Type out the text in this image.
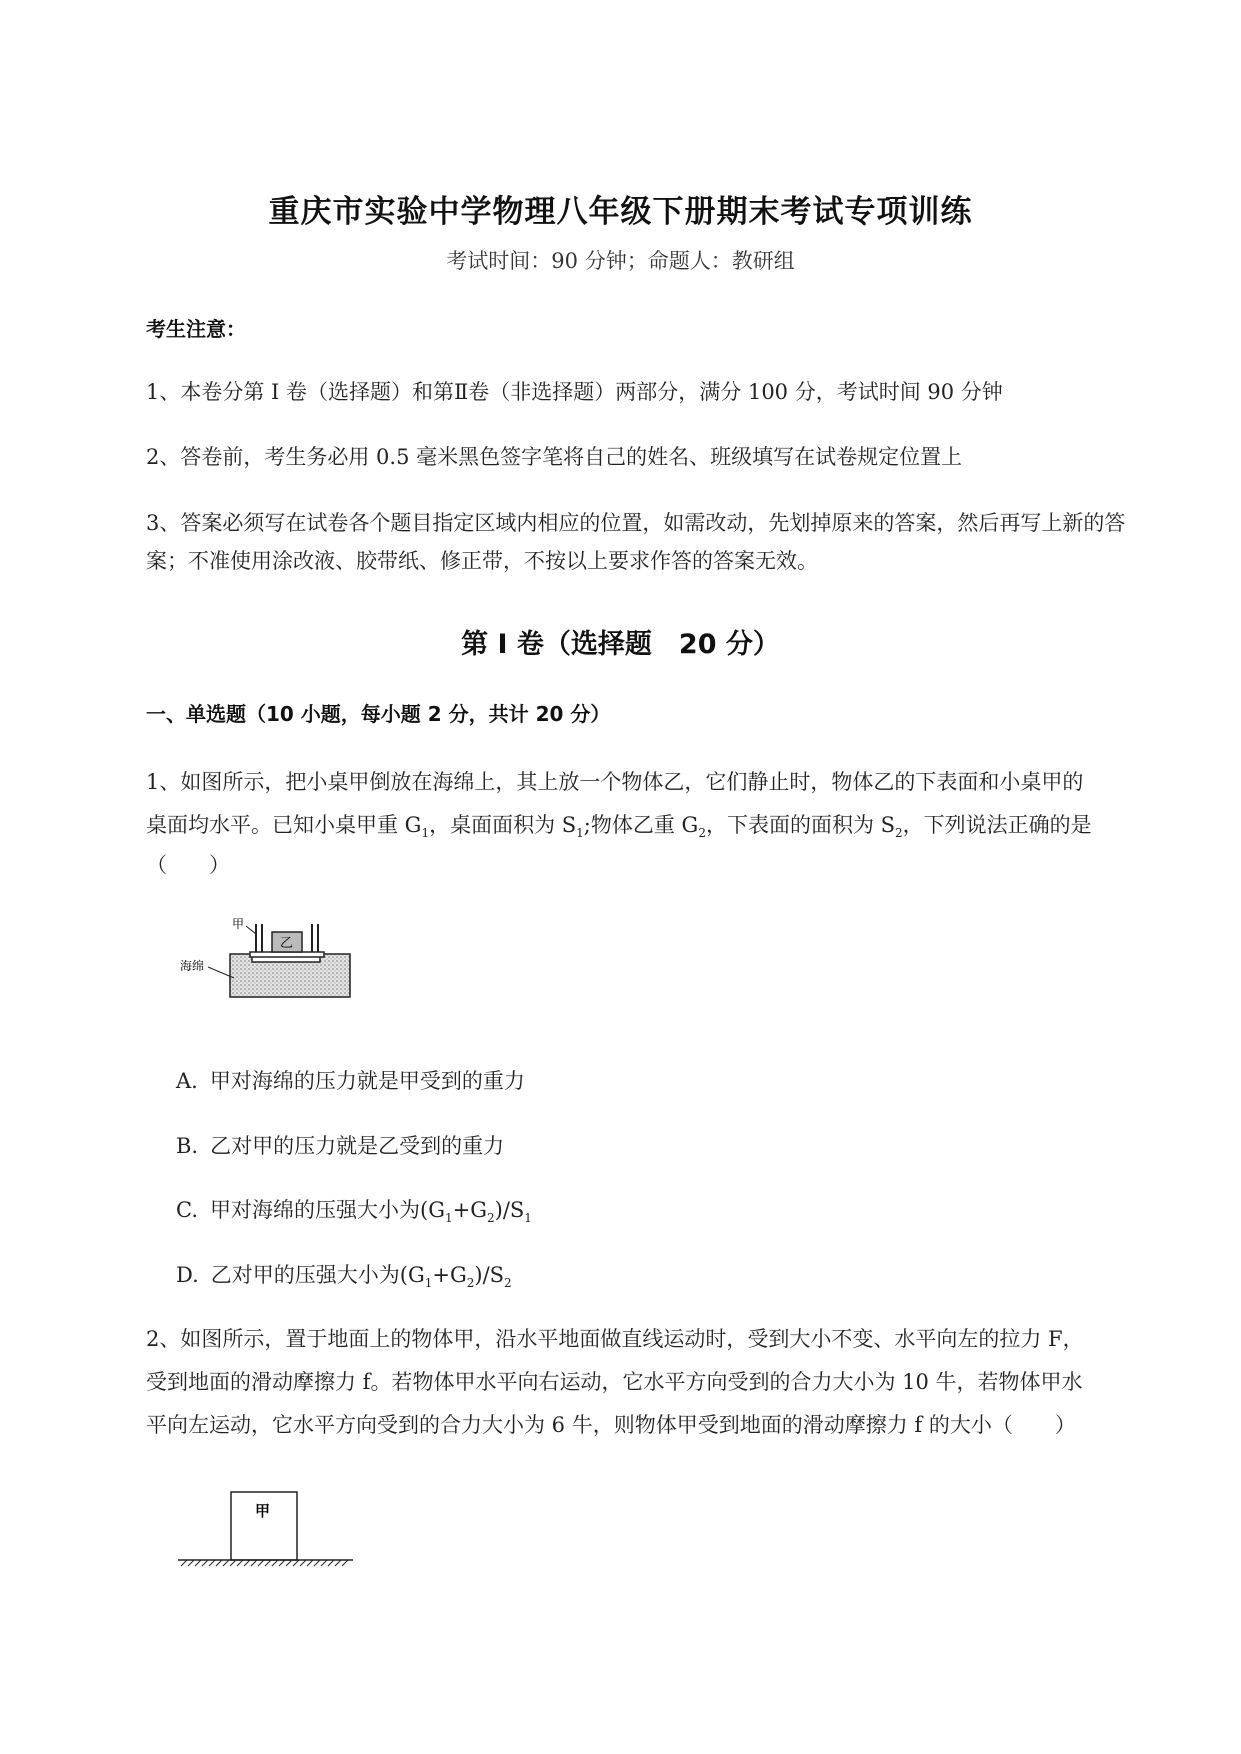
重庆市实验中学物理八年级下册期末考试专项训练
考试时间：90 分钟；命题人：教研组
考生注意：
1、本卷分第 I 卷（选择题）和第Ⅱ卷（非选择题）两部分，满分 100 分，考试时间 90 分钟
2、答卷前，考生务必用 0.5 毫米黑色签字笔将自己的姓名、班级填写在试卷规定位置上
3、答案必须写在试卷各个题目指定区域内相应的位置，如需改动，先划掉原来的答案，然后再写上新的答案；不准使用涂改液、胶带纸、修正带，不按以上要求作答的答案无效。
第 I 卷（选择题　20 分）
一、单选题（10 小题，每小题 2 分，共计 20 分）
1、如图所示，把小桌甲倒放在海绵上，其上放一个物体乙，它们静止时，物体乙的下表面和小桌甲的
桌面均水平。已知小桌甲重 $G_1$，桌面面积为 $S_1$;物体乙重 $G_2$，下表面的面积为 $S_2$，下列说法正确的是
（　　）
乙
甲
海绵
A. 甲对海绵的压力就是甲受到的重力
B. 乙对甲的压力就是乙受到的重力
C. 甲对海绵的压强大小为$(G_1+G_2)/S_1$
D. 乙对甲的压强大小为$(G_1+G_2)/S_2$
2、如图所示，置于地面上的物体甲，沿水平地面做直线运动时，受到大小不变、水平向左的拉力 F，
受到地面的滑动摩擦力 f。若物体甲水平向右运动，它水平方向受到的合力大小为 10 牛，若物体甲水
平向左运动，它水平方向受到的合力大小为 6 牛，则物体甲受到地面的滑动摩擦力 f 的大小（　　）
甲
